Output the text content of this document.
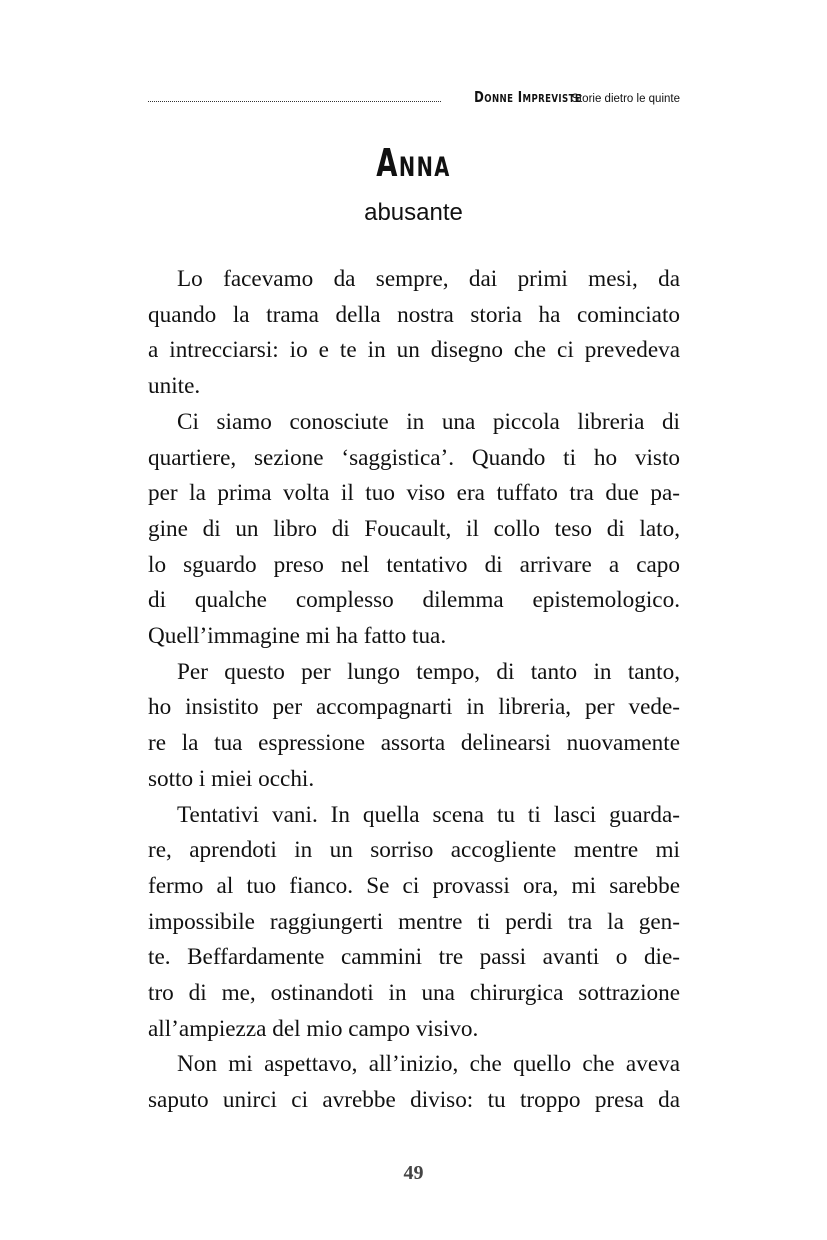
Donne Impreviste
Storie dietro le quinte
Anna
abusante

Lo facevamo da sempre, dai primi mesi, da
quando la trama della nostra storia ha cominciato
a intrecciarsi: io e te in un disegno che ci prevedeva
unite.

Ci siamo conosciute in una piccola libreria di
quartiere, sezione ‘saggistica’. Quando ti ho visto
per la prima volta il tuo viso era tuffato tra due pa-
gine di un libro di Foucault, il collo teso di lato,
lo sguardo preso nel tentativo di arrivare a capo
di qualche complesso dilemma epistemologico.
Quell’immagine mi ha fatto tua.

Per questo per lungo tempo, di tanto in tanto,
ho insistito per accompagnarti in libreria, per vede-
re la tua espressione assorta delinearsi nuovamente
sotto i miei occhi.

Tentativi vani. In quella scena tu ti lasci guarda-
re, aprendoti in un sorriso accogliente mentre mi
fermo al tuo fianco. Se ci provassi ora, mi sarebbe
impossibile raggiungerti mentre ti perdi tra la gen-
te. Beffardamente cammini tre passi avanti o die-
tro di me, ostinandoti in una chirurgica sottrazione
all’ampiezza del mio campo visivo.

Non mi aspettavo, all’inizio, che quello che aveva
saputo unirci ci avrebbe diviso: tu troppo presa da

49
